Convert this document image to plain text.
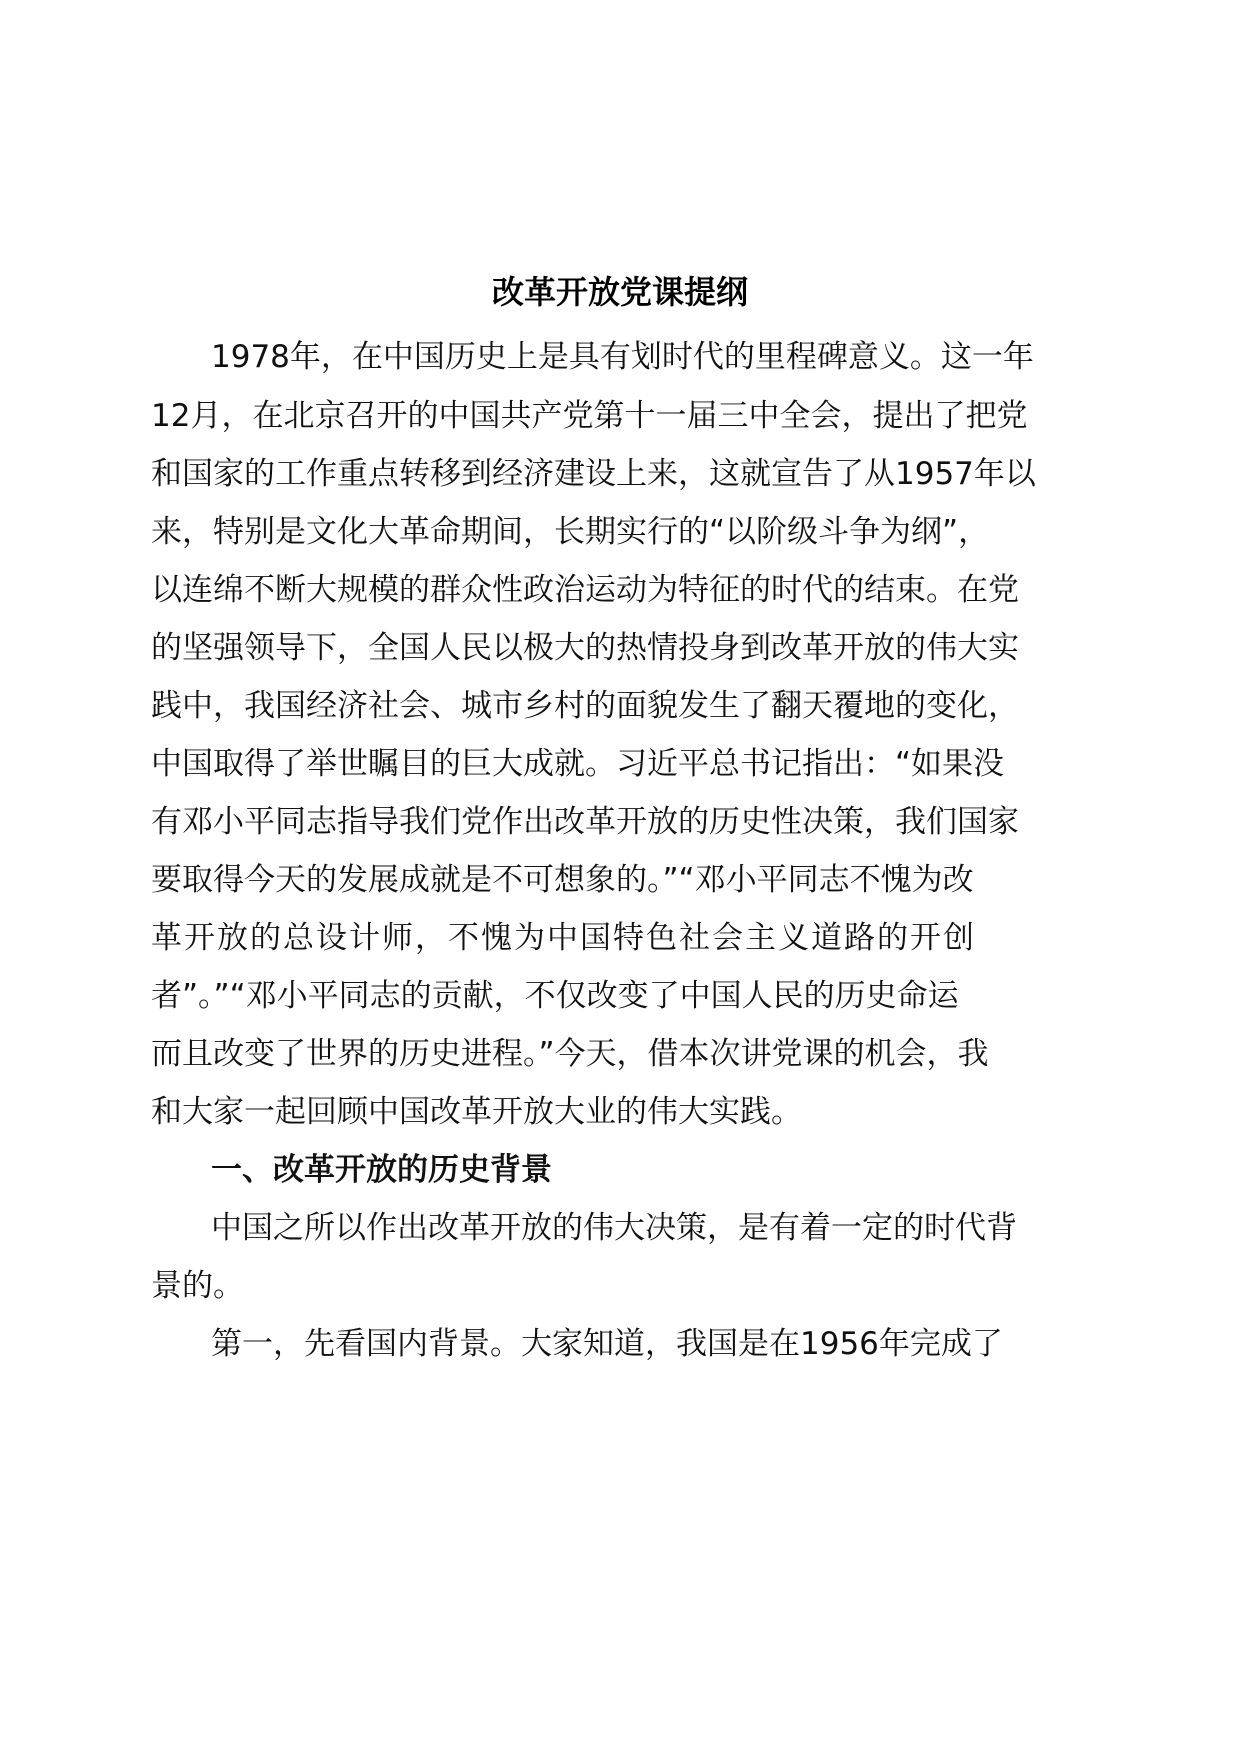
改革开放党课提纲
1978年，在中国历史上是具有划时代的里程碑意义。这一年
12月，在北京召开的中国共产党第十一届三中全会，提出了把党
和国家的工作重点转移到经济建设上来，这就宣告了从1957年以
来，特别是文化大革命期间，长期实行的“以阶级斗争为纲”，
以连绵不断大规模的群众性政治运动为特征的时代的结束。在党
的坚强领导下，全国人民以极大的热情投身到改革开放的伟大实
践中，我国经济社会、城市乡村的面貌发生了翻天覆地的变化，
中国取得了举世瞩目的巨大成就。习近平总书记指出：“如果没
有邓小平同志指导我们党作出改革开放的历史性决策，我们国家
要取得今天的发展成就是不可想象的。”“邓小平同志不愧为改
革开放的总设计师，不愧为中国特色社会主义道路的开创
者”。”“邓小平同志的贡献，不仅改变了中国人民的历史命运
而且改变了世界的历史进程。”今天，借本次讲党课的机会，我
和大家一起回顾中国改革开放大业的伟大实践。
一、改革开放的历史背景
中国之所以作出改革开放的伟大决策，是有着一定的时代背
景的。
第一，先看国内背景。大家知道，我国是在1956年完成了
